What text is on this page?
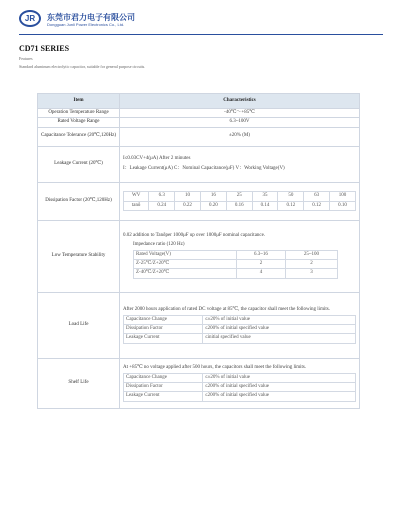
JR 东莞市君力电子有限公司
Dongguan Junli Power Electronics Co., Ltd.
CD71 SERIES
Features
Standard aluminum electrolytic capacitor, suitable for general purpose circuits.
Item	Characteristics
Operation Temperature Range	-40℃～+85℃
Rated Voltage Range	6.3~100V
Capacitance Tolerance (20℃,120Hz)	±20% (M)
Leakage Current (20℃)	
I≤0.03CV+4(μA) After 2 minutes
I：Leakage Current(μA) C：Nominal Capacitance(μF) V：Working Voltage(V)

Dissipation Factor (20℃,120Hz)	
WV	6.3	10	16	25	35	50	63	100
tanδ	0.24	0.22	0.20	0.16	0.14	0.12	0.12	0.10

Low Temperature Stability	
0.02 addition to Tanδper 1000μF up over 1000μF nominal capacitance.
Impedance ratio (120 Hz)
Rated Voltage(V)	6.3~16	25~100
Z-25℃/Z+20℃	2	2
Z-40℃/Z+20℃	4	3

Load Life	
After 2000 hours application of rated DC voltage at 85℃, the capacitor shall meet the following limits.
Capacitance Change	≤±20% of initial value
Dissipation Factor	≤200% of initial specified value
Leakage Current	≤initial specified value

Shelf Life	
At +85℃ no voltage applied after 500 hours, the capacitors shall meet the following limits.
Capacitance Change	≤±20% of initial value
Dissipation Factor	≤200% of initial specified value
Leakage Current	≤200% of initial specified value
